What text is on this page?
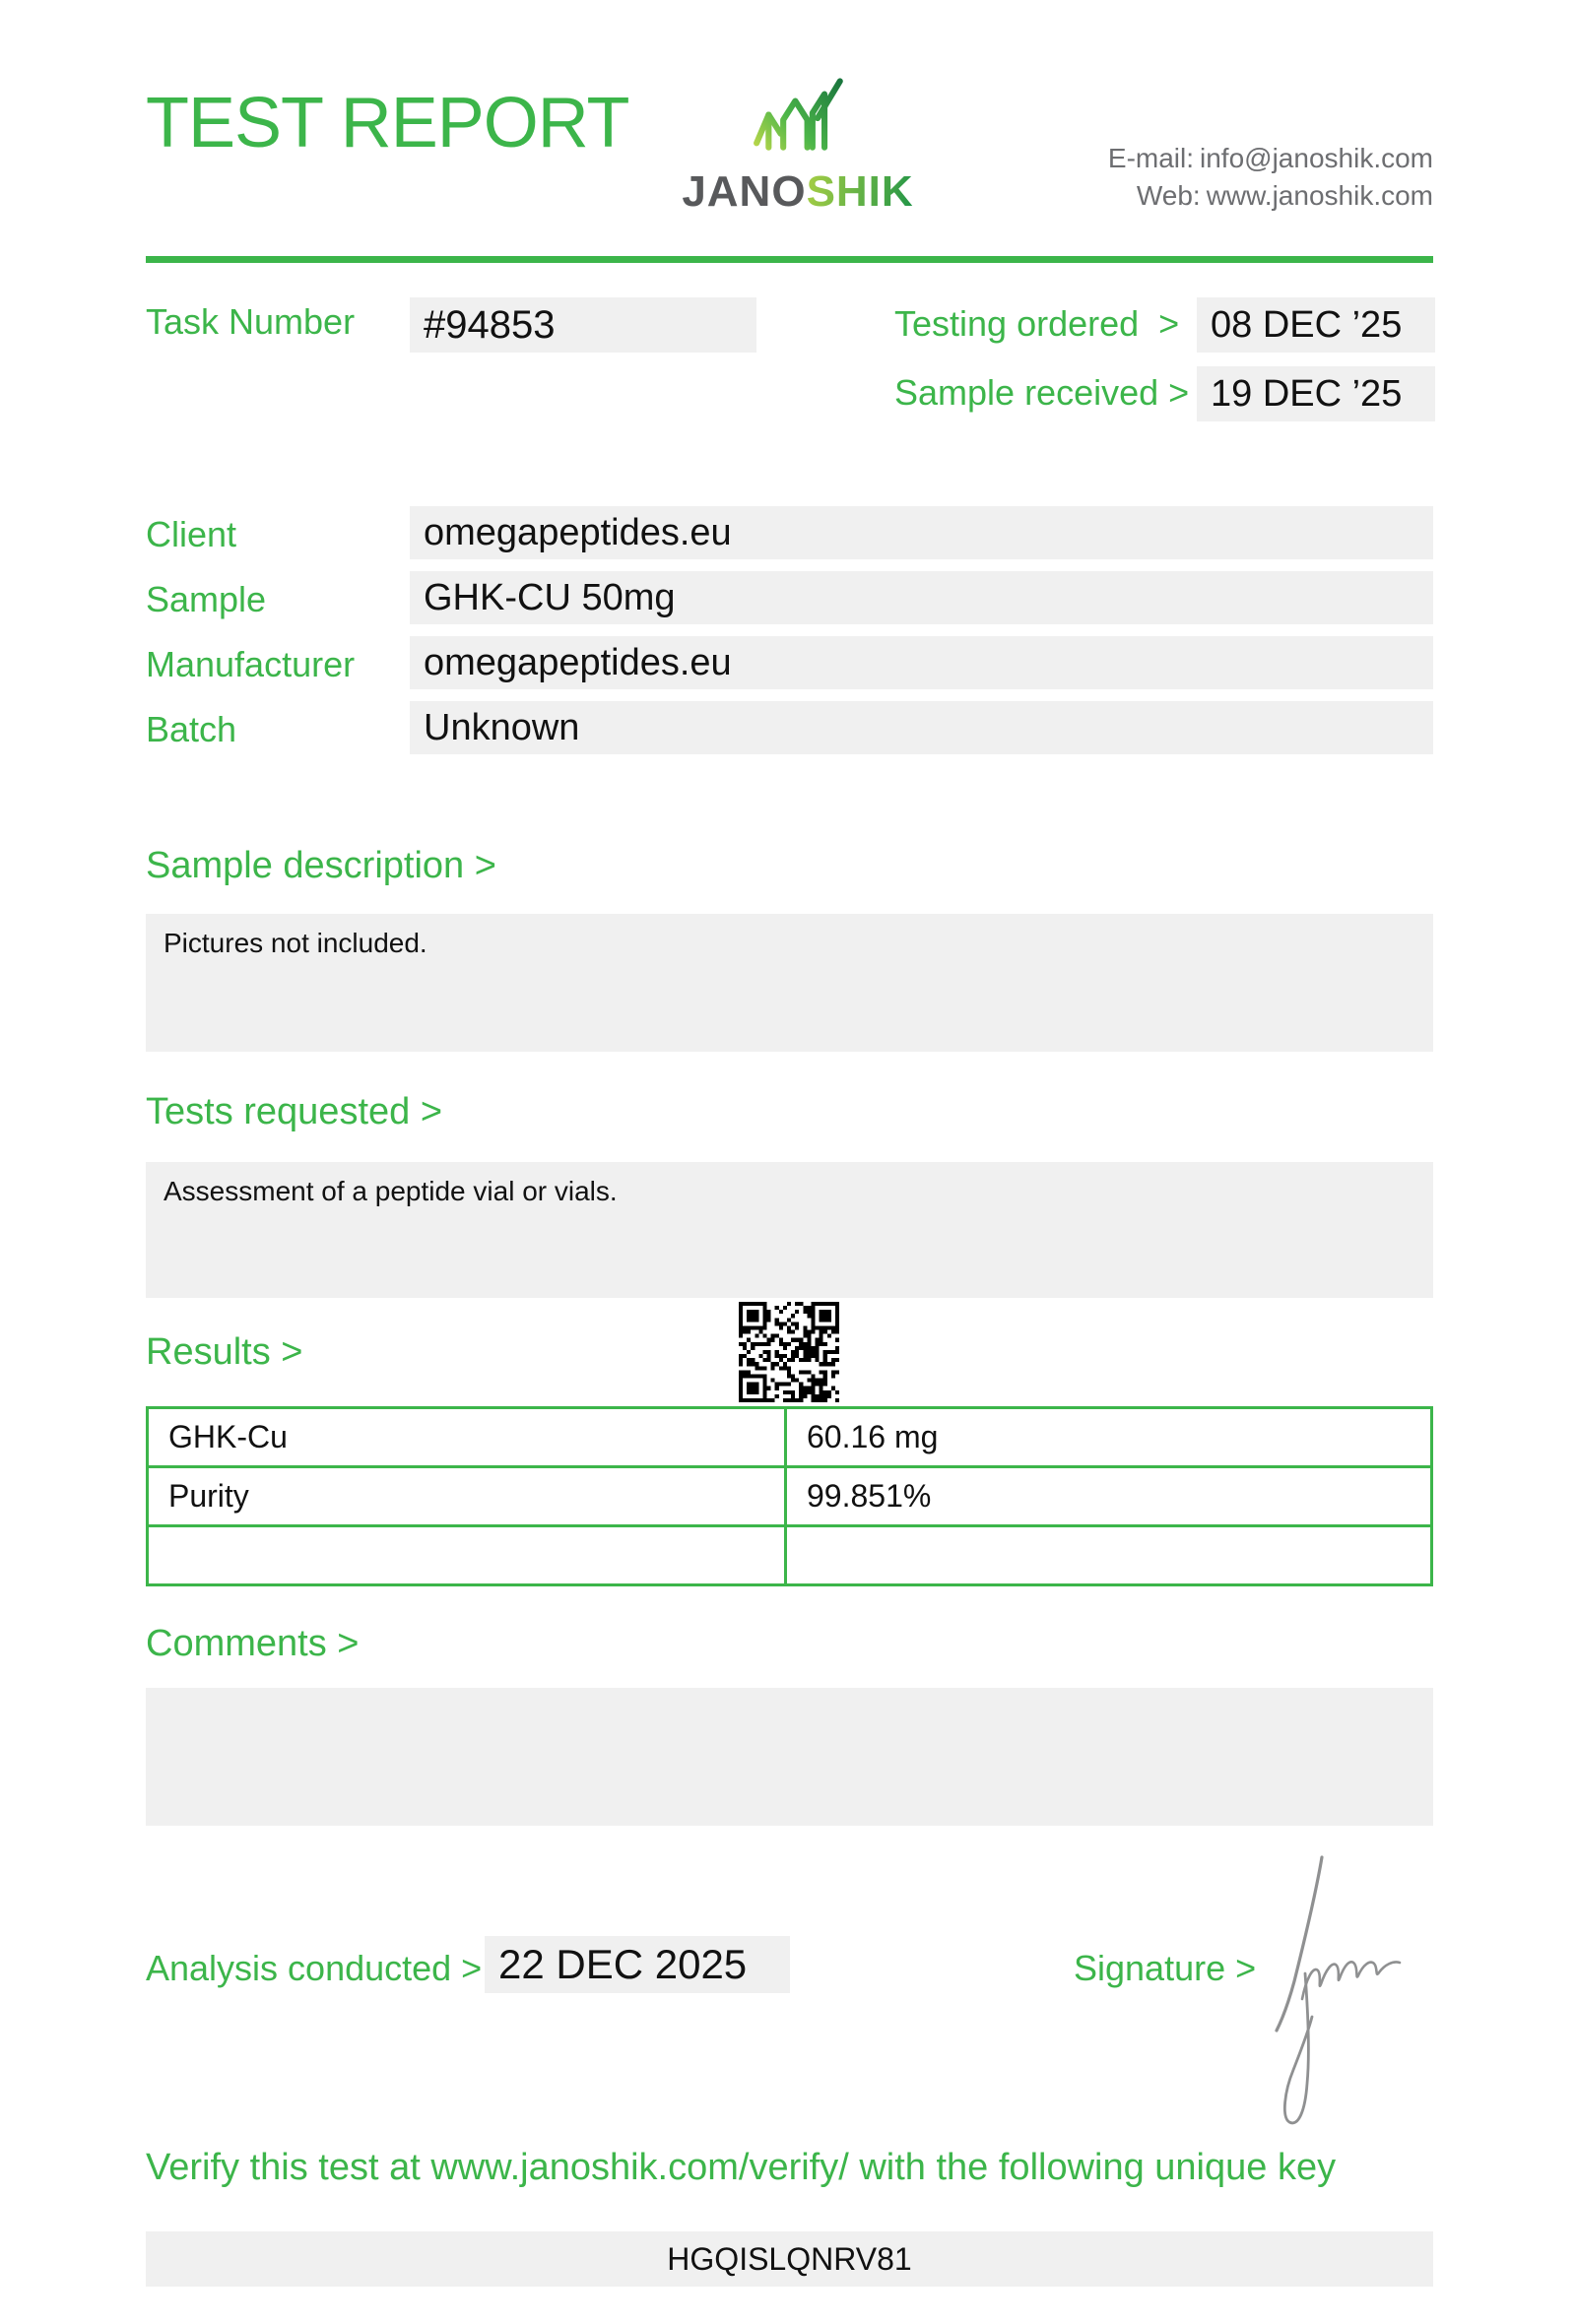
TEST REPORT
JANOSHIK
E-mail: info@janoshik.com
Web: www.janoshik.com
Task Number	#94853	Testing ordered > 08 DEC ’25
Sample received > 19 DEC ’25
Client	omegapeptides.eu
Sample	GHK-CU 50mg
Manufacturer	omegapeptides.eu
Batch	Unknown
Sample description >
Pictures not included.
Tests requested >
Assessment of a peptide vial or vials.
Results >
GHK-Cu	60.16 mg
Purity	99.851%
Comments >
Analysis conducted > 22 DEC 2025	Signature >
Verify this test at www.janoshik.com/verify/ with the following unique key
HGQISLQNRV81
